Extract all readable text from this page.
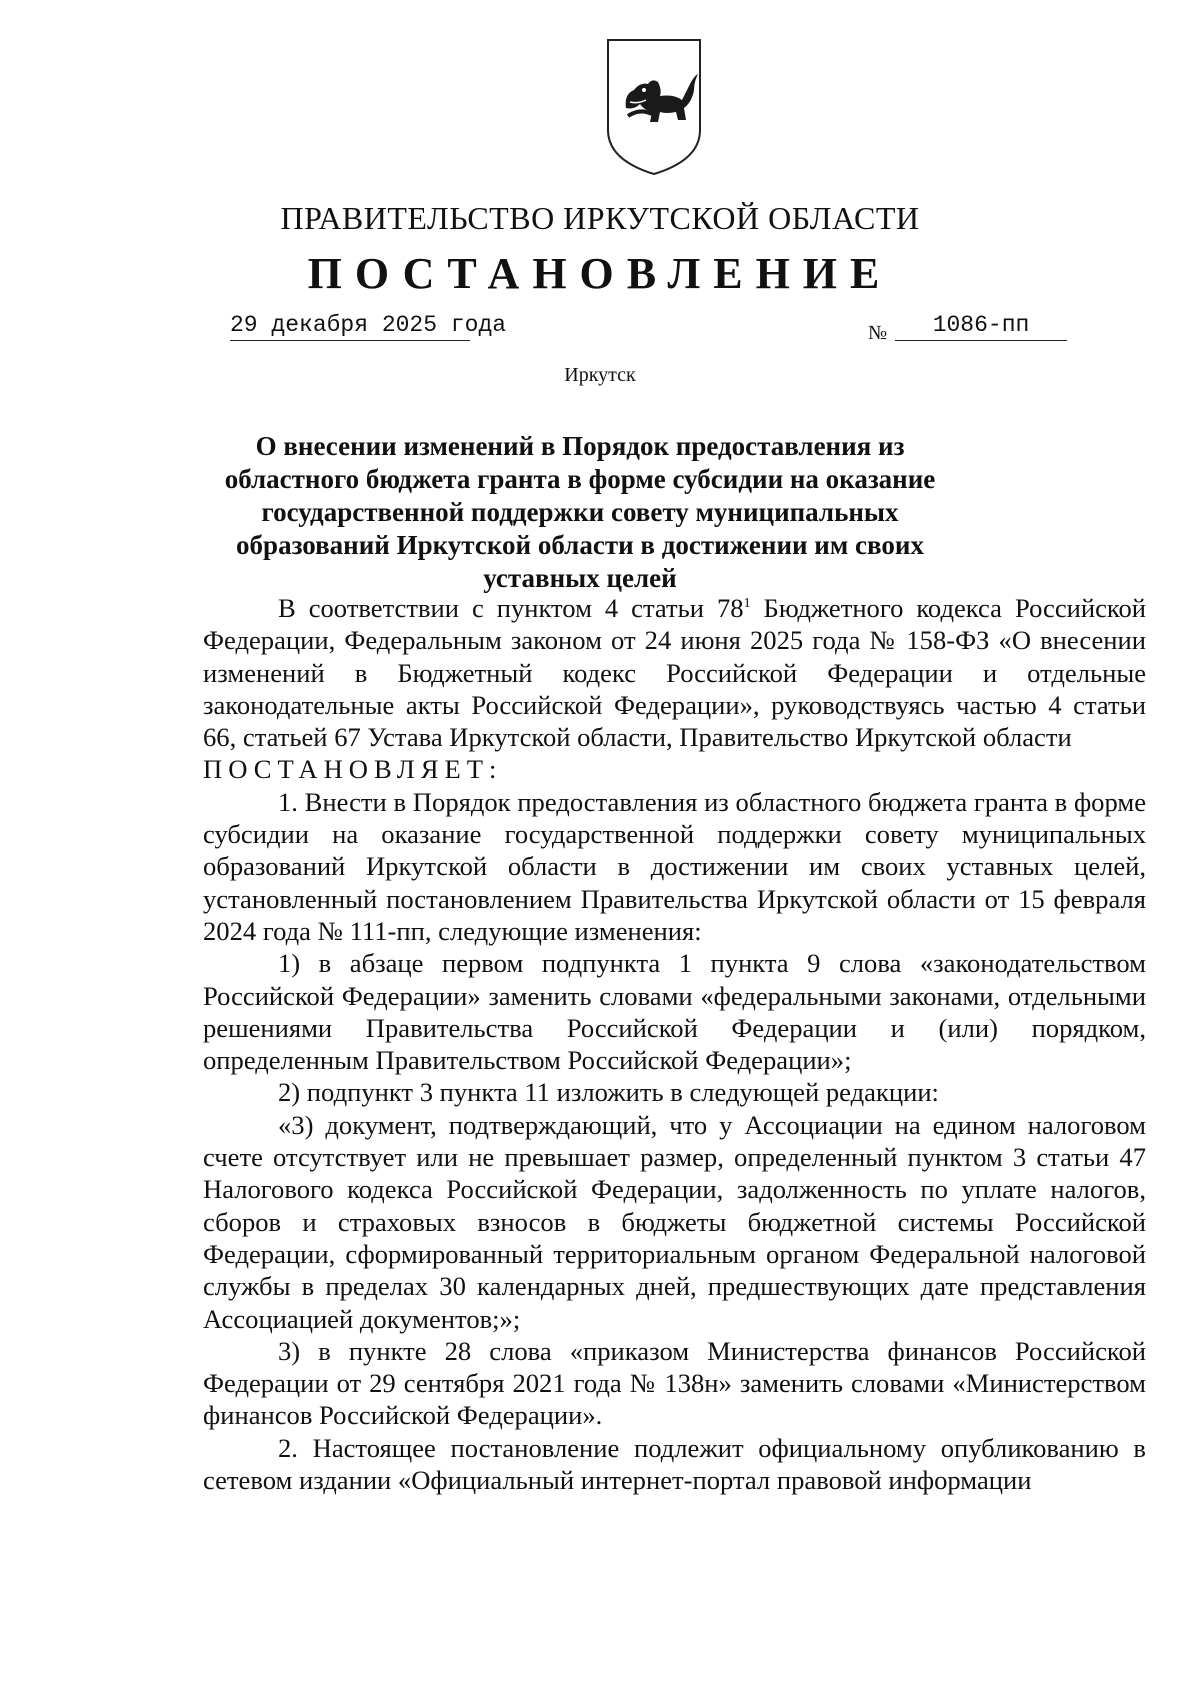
ПРАВИТЕЛЬСТВО ИРКУТСКОЙ ОБЛАСТИ
ПОСТАНОВЛЕНИЕ
29 декабря 2025 года	№	1086-пп
Иркутск
О внесении изменений в Порядок предоставления из областного бюджета гранта в форме субсидии на оказание государственной поддержки совету муниципальных образований Иркутской области в достижении им своих уставных целей

В соответствии с пунктом 4 статьи $78^1$ Бюджетного кодекса Российской Федерации, Федеральным законом от 24 июня 2025 года № 158-ФЗ «О внесении изменений в Бюджетный кодекс Российской Федерации и отдельные законодательные акты Российской Федерации», руководствуясь частью 4 статьи 66, статьей 67 Устава Иркутской области, Правительство Иркутской области

ПОСТАНОВЛЯЕТ:

1. Внести в Порядок предоставления из областного бюджета гранта в форме субсидии на оказание государственной поддержки совету муниципальных образований Иркутской области в достижении им своих уставных целей, установленный постановлением Правительства Иркутской области от 15 февраля 2024 года № 111-пп, следующие изменения:

1) в абзаце первом подпункта 1 пункта 9 слова «законодательством Российской Федерации» заменить словами «федеральными законами, отдельными решениями Правительства Российской Федерации и (или) порядком, определенным Правительством Российской Федерации»;

2) подпункт 3 пункта 11 изложить в следующей редакции:

«3) документ, подтверждающий, что у Ассоциации на едином налоговом счете отсутствует или не превышает размер, определенный пунктом 3 статьи 47 Налогового кодекса Российской Федерации, задолженность по уплате налогов, сборов и страховых взносов в бюджеты бюджетной системы Российской Федерации, сформированный территориальным органом Федеральной налоговой службы в пределах 30 календарных дней, предшествующих дате представления Ассоциацией документов;»;

3) в пункте 28 слова «приказом Министерства финансов Российской Федерации от 29 сентября 2021 года № 138н» заменить словами «Министерством финансов Российской Федерации».

2. Настоящее постановление подлежит официальному опубликованию в сетевом издании «Официальный интернет-портал правовой информации
